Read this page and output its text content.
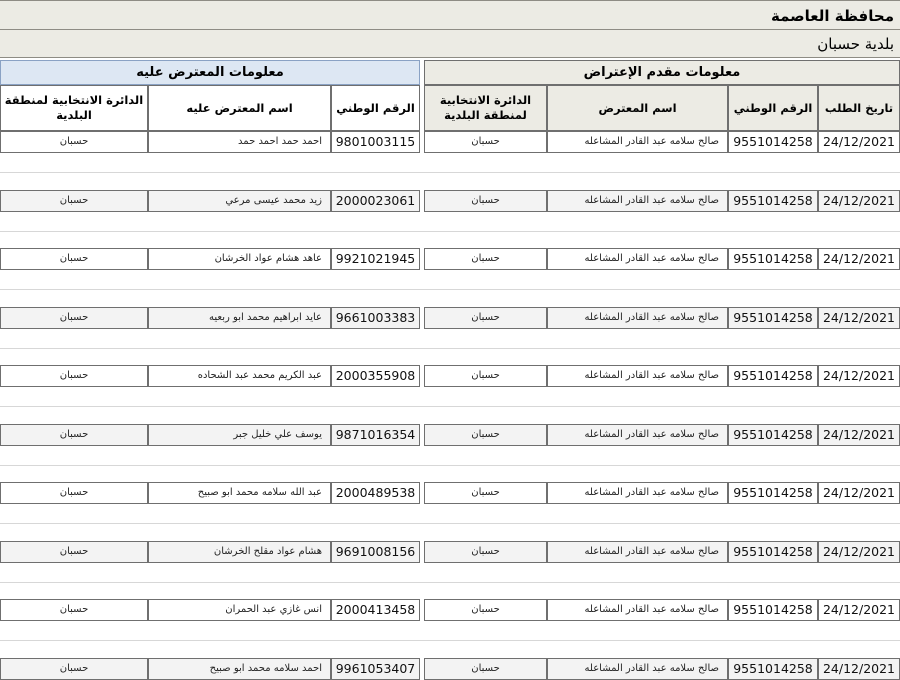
محافظة العاصمة
بلدية حسبان
معلومات مقدم الإعتراض
معلومات المعترض عليه
تاريخ الطلب
الرقم الوطني
اسم المعترض
الدائرة الانتخابية لمنطقة البلدية
الرقم الوطني
اسم المعترض عليه
الدائرة الانتخابية لمنطقة البلدية
24/12/2021
9551014258
صالح سلامه عبد القادر المشاعله
حسبان
9801003115
احمد حمد احمد حمد
حسبان
24/12/2021
9551014258
صالح سلامه عبد القادر المشاعله
حسبان
2000023061
زيد محمد عيسى مرعي
حسبان
24/12/2021
9551014258
صالح سلامه عبد القادر المشاعله
حسبان
9921021945
عاهد هشام عواد الخرشان
حسبان
24/12/2021
9551014258
صالح سلامه عبد القادر المشاعله
حسبان
9661003383
عايد ابراهيم محمد ابو ربعيه
حسبان
24/12/2021
9551014258
صالح سلامه عبد القادر المشاعله
حسبان
2000355908
عبد الكريم محمد عبد الشحاده
حسبان
24/12/2021
9551014258
صالح سلامه عبد القادر المشاعله
حسبان
9871016354
يوسف علي خليل جبر
حسبان
24/12/2021
9551014258
صالح سلامه عبد القادر المشاعله
حسبان
2000489538
عبد الله سلامه محمد ابو صبيح
حسبان
24/12/2021
9551014258
صالح سلامه عبد القادر المشاعله
حسبان
9691008156
هشام عواد مقلح الخرشان
حسبان
24/12/2021
9551014258
صالح سلامه عبد القادر المشاعله
حسبان
2000413458
انس غازي عبد الحمران
حسبان
24/12/2021
9551014258
صالح سلامه عبد القادر المشاعله
حسبان
9961053407
احمد سلامه محمد ابو صبيح
حسبان
